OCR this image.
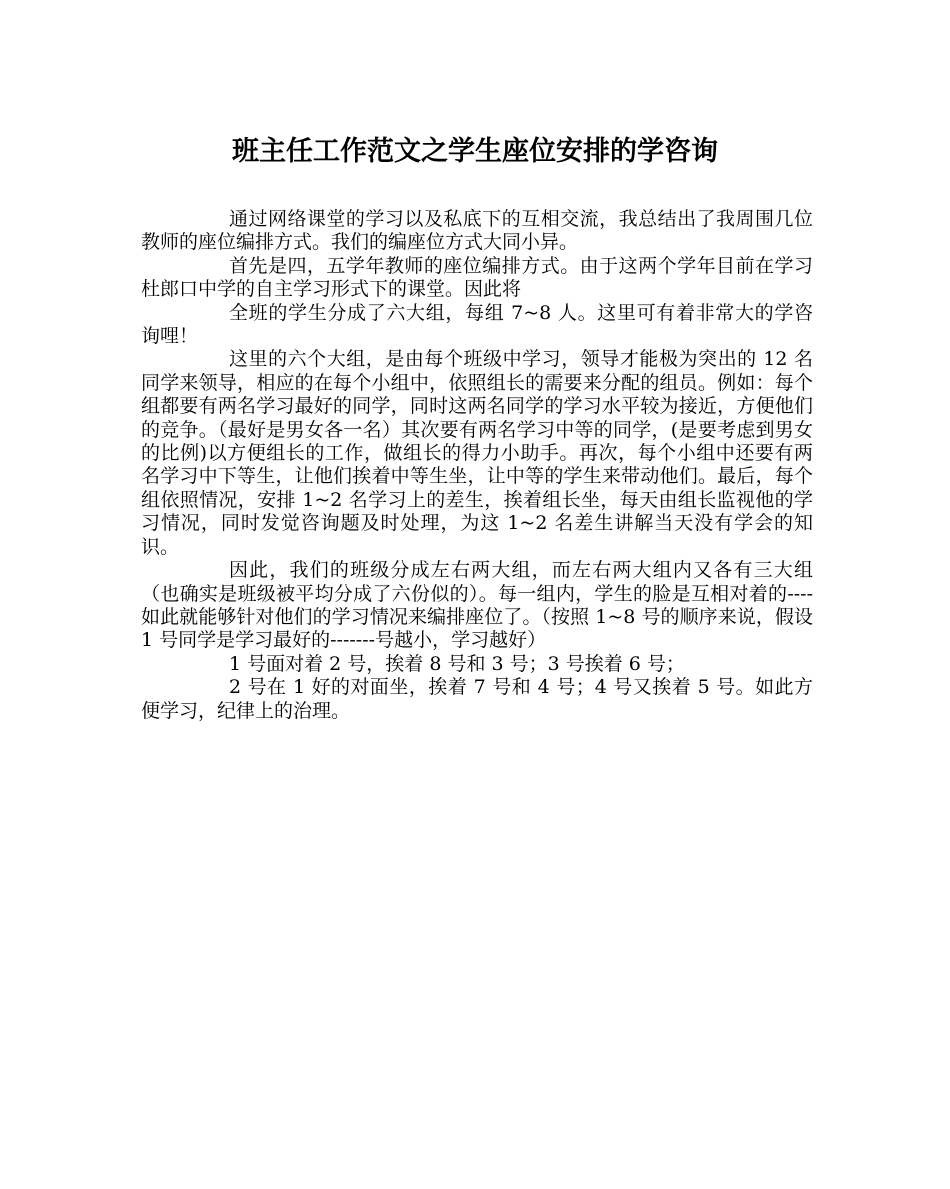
班主任工作范文之学生座位安排的学咨询

通过网络课堂的学习以及私底下的互相交流，我总结出了我周围几位教师的座位编排方式。我们的编座位方式大同小异。

首先是四，五学年教师的座位编排方式。由于这两个学年目前在学习杜郎口中学的自主学习形式下的课堂。因此将

全班的学生分成了六大组，每组 7~8 人。这里可有着非常大的学咨询哩！

这里的六个大组，是由每个班级中学习，领导才能极为突出的 12 名同学来领导，相应的在每个小组中，依照组长的需要来分配的组员。例如：每个组都要有两名学习最好的同学，同时这两名同学的学习水平较为接近，方便他们的竞争。（最好是男女各一名）其次要有两名学习中等的同学，(是要考虑到男女的比例)以方便组长的工作，做组长的得力小助手。再次，每个小组中还要有两名学习中下等生，让他们挨着中等生坐，让中等的学生来带动他们。最后，每个组依照情况，安排 1~2 名学习上的差生，挨着组长坐，每天由组长监视他的学习情况，同时发觉咨询题及时处理，为这 1~2 名差生讲解当天没有学会的知识。

因此，我们的班级分成左右两大组，而左右两大组内又各有三大组（也确实是班级被平均分成了六份似的）。每一组内，学生的脸是互相对着的----如此就能够针对他们的学习情况来编排座位了。（按照 1~8 号的顺序来说，假设 1 号同学是学习最好的-------号越小，学习越好）

1 号面对着 2 号，挨着 8 号和 3 号；3 号挨着 6 号；

2 号在 1 好的对面坐，挨着 7 号和 4 号；4 号又挨着 5 号。如此方便学习，纪律上的治理。
